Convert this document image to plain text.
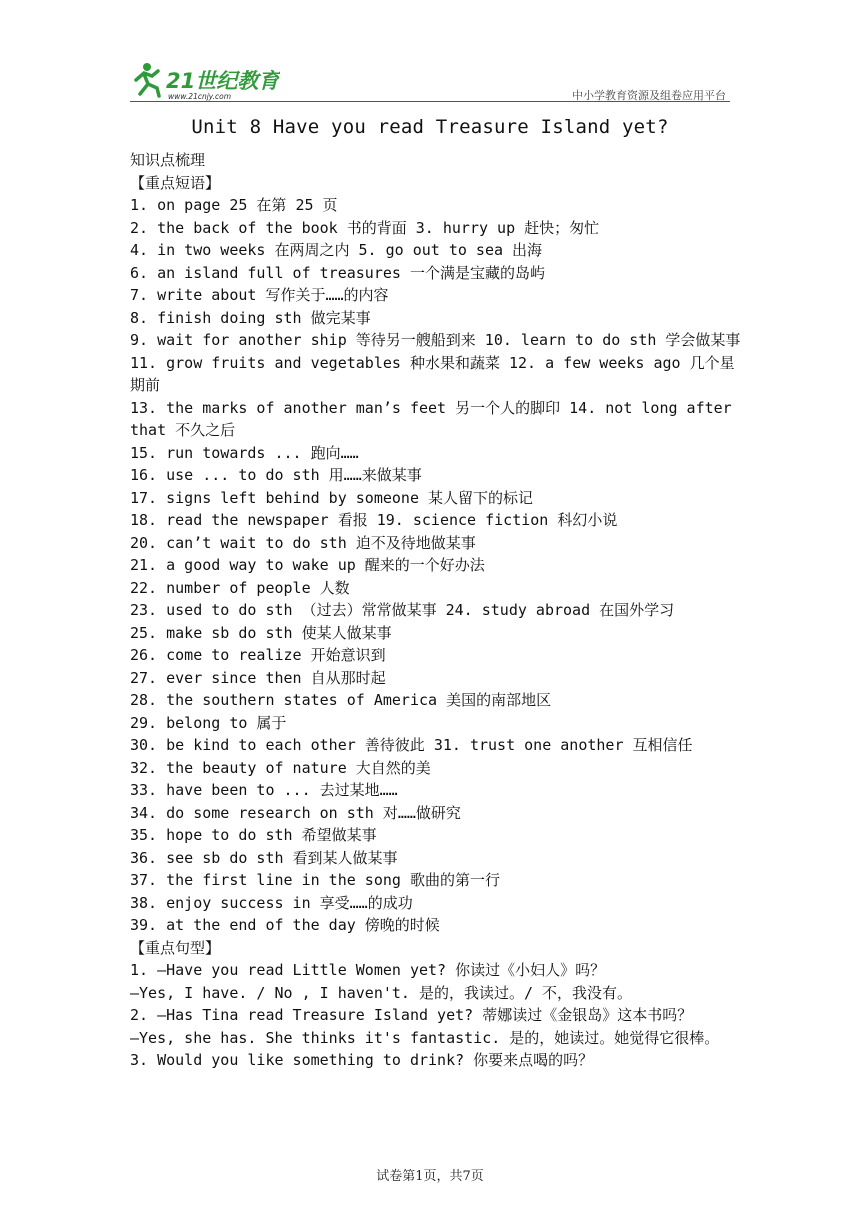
21世纪教育
www.21cnjy.com	中小学教育资源及组卷应用平台
Unit 8 Have you read Treasure Island yet?
知识点梳理
【重点短语】
1. on page 25 在第 25 页
2. the back of the book 书的背面 3. hurry up 赶快；匆忙
4. in two weeks 在两周之内 5. go out to sea 出海
6. an island full of treasures 一个满是宝藏的岛屿
7. write about 写作关于……的内容
8. finish doing sth 做完某事
9. wait for another ship 等待另一艘船到来 10. learn to do sth 学会做某事
11. grow fruits and vegetables 种水果和蔬菜 12. a few weeks ago 几个星期前
13. the marks of another man’s feet 另一个人的脚印 14. not long after that 不久之后
15. run towards ... 跑向……
16. use ... to do sth 用……来做某事
17. signs left behind by someone 某人留下的标记
18. read the newspaper 看报 19. science fiction 科幻小说
20. can’t wait to do sth 迫不及待地做某事
21. a good way to wake up 醒来的一个好办法
22. number of people 人数
23. used to do sth （过去）常常做某事 24. study abroad 在国外学习
25. make sb do sth 使某人做某事
26. come to realize 开始意识到
27. ever since then 自从那时起
28. the southern states of America 美国的南部地区
29. belong to 属于
30. be kind to each other 善待彼此 31. trust one another 互相信任
32. the beauty of nature 大自然的美
33. have been to ... 去过某地……
34. do some research on sth 对……做研究
35. hope to do sth 希望做某事
36. see sb do sth 看到某人做某事
37. the first line in the song 歌曲的第一行
38. enjoy success in 享受……的成功
39. at the end of the day 傍晚的时候
【重点句型】
1. —Have you read Little Women yet? 你读过《小妇人》吗？
—Yes, I have. / No , I haven't. 是的，我读过。/ 不，我没有。
2. —Has Tina read Treasure Island yet? 蒂娜读过《金银岛》这本书吗？
—Yes, she has. She thinks it's fantastic. 是的，她读过。她觉得它很棒。
3. Would you like something to drink? 你要来点喝的吗？
试卷第1页，共7页
